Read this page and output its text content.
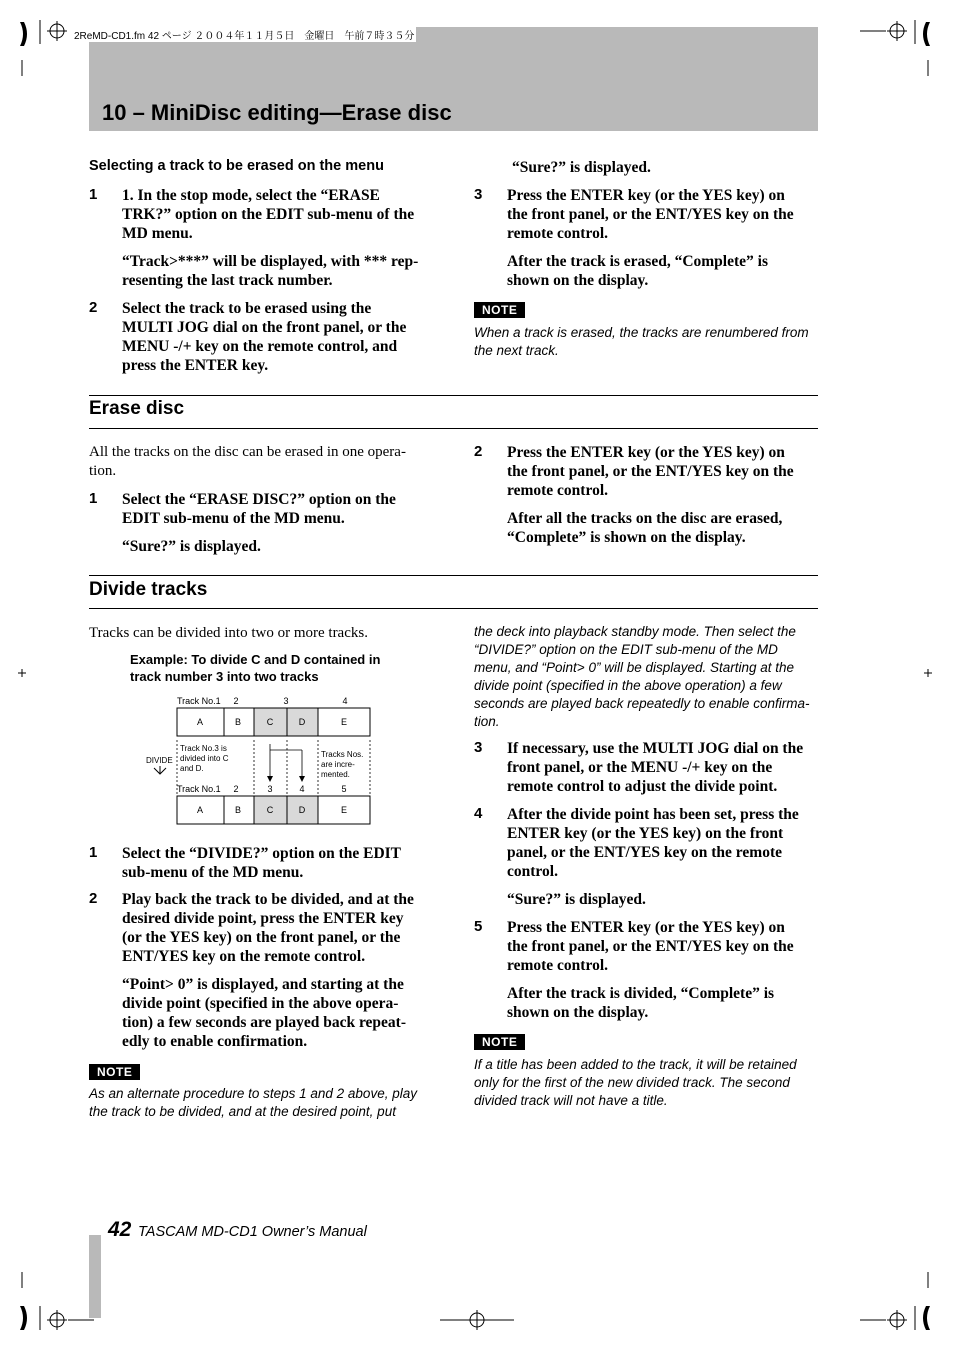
2ReMD-CD1.fm 42 ページ ２００４年１１月５日　金曜日　午前７時３５分
10 – MiniDisc editing—Erase disc
Selecting a track to be erased on the menu
1 1. In the stop mode, select the “ERASE
TRK?” option on the EDIT sub-menu of the
MD menu.
“Track>***” will be displayed, with *** rep-
resenting the last track number.
2 Select the track to be erased using the
MULTI JOG dial on the front panel, or the
MENU -/+ key on the remote control, and
press the ENTER key.
“Sure?” is displayed.
3 Press the ENTER key (or the YES key) on
the front panel, or the ENT/YES key on the
remote control.
After the track is erased, “Complete” is
shown on the display.
NOTE
When a track is erased, the tracks are renumbered from
the next track.
Erase disc
All the tracks on the disc can be erased in one opera-
tion.
1 Select the “ERASE DISC?” option on the
EDIT sub-menu of the MD menu.
“Sure?” is displayed.
2 Press the ENTER key (or the YES key) on
the front panel, or the ENT/YES key on the
remote control.
After all the tracks on the disc are erased,
“Complete” is shown on the display.
Divide tracks
Tracks can be divided into two or more tracks.
Example: To divide C and D contained in
track number 3 into two tracks
Track No.1 2	3	4
A	B	C	D	E
DIVIDE
Track No.3 is
divided into C
and D.
Tracks Nos.
are incre-
mented.
Track No.1 2	3	4	5
A	B	C	D	E
1 Select the “DIVIDE?” option on the EDIT
sub-menu of the MD menu.
2 Play back the track to be divided, and at the
desired divide point, press the ENTER key
(or the YES key) on the front panel, or the
ENT/YES key on the remote control.
“Point> 0” is displayed, and starting at the
divide point (specified in the above opera-
tion) a few seconds are played back repeat-
edly to enable confirmation.
NOTE
As an alternate procedure to steps 1 and 2 above, play
the track to be divided, and at the desired point, put
the deck into playback standby mode. Then select the
“DIVIDE?” option on the EDIT sub-menu of the MD
menu, and “Point> 0” will be displayed. Starting at the
divide point (specified in the above operation) a few
seconds are played back repeatedly to enable confirma-
tion.
3 If necessary, use the MULTI JOG dial on the
front panel, or the MENU -/+ key on the
remote control to adjust the divide point.
4 After the divide point has been set, press the
ENTER key (or the YES key) on the front
panel, or the ENT/YES key on the remote
control.
“Sure?” is displayed.
5 Press the ENTER key (or the YES key) on
the front panel, or the ENT/YES key on the
remote control.
After the track is divided, “Complete” is
shown on the display.
NOTE
If a title has been added to the track, it will be retained
only for the first of the new divided track. The second
divided track will not have a title.
42 TASCAM MD-CD1 Owner’s Manual
